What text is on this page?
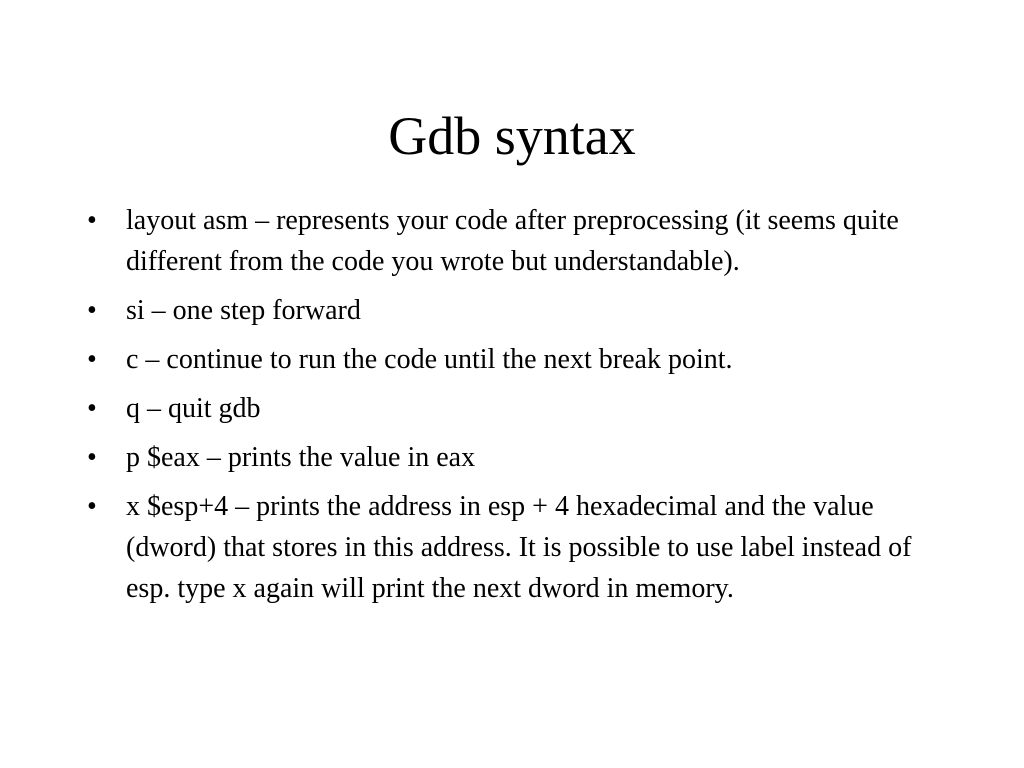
Gdb syntax
•	layout asm – represents your code after preprocessing (it seems quite different from the code you wrote but understandable).
•	si – one step forward
•	c – continue to run the code until the next break point.
•	q – quit gdb
•	p $eax – prints the value in eax
•	x $esp+4 – prints the address in esp + 4 hexadecimal and the value (dword) that stores in this address. It is possible to use label instead of esp. type x again will print the next dword in memory.
